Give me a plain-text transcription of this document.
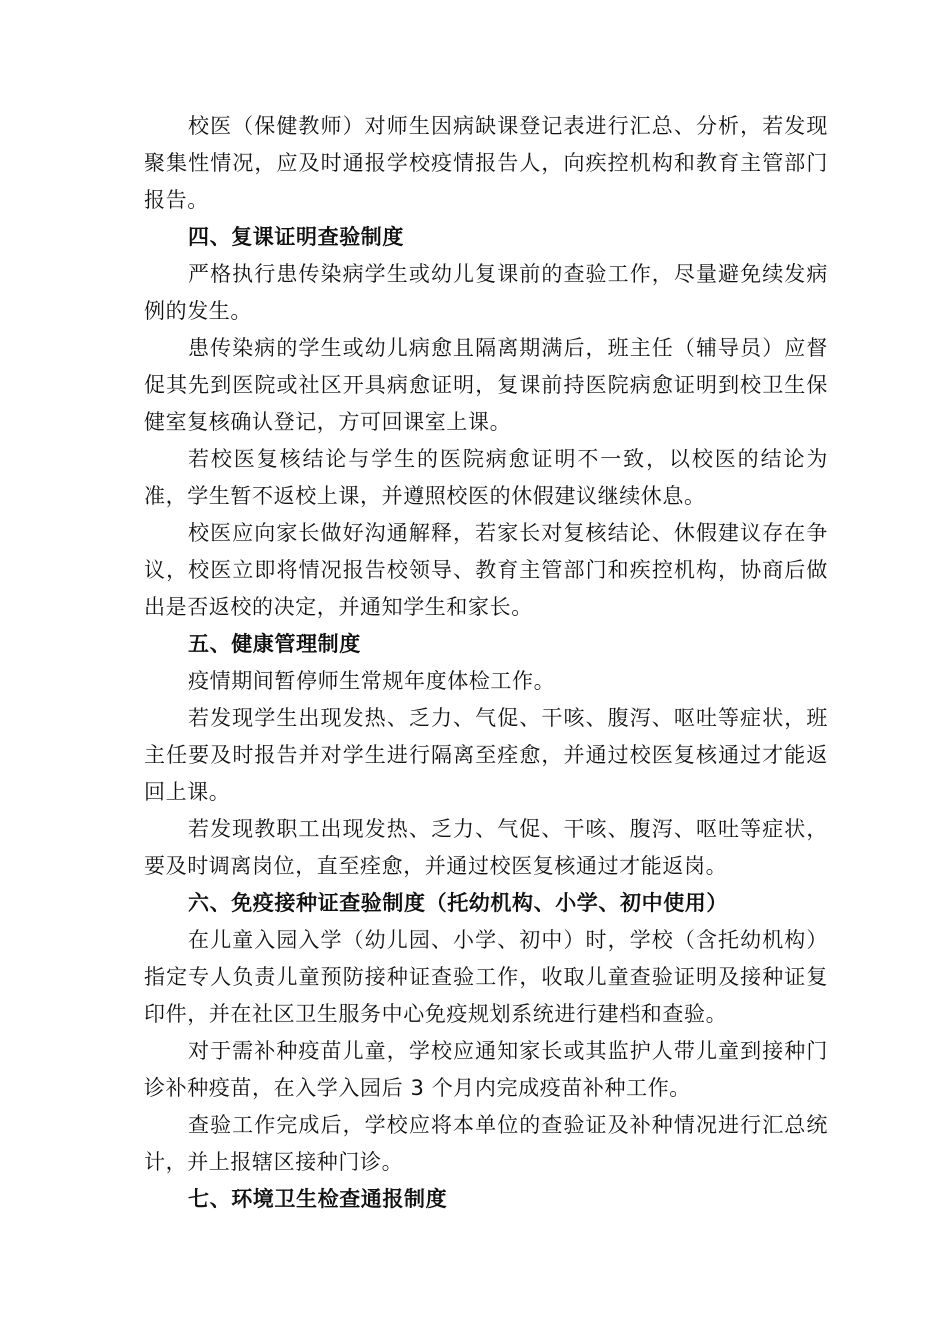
校医（保健教师）对师生因病缺课登记表进行汇总、分析，若发现聚集性情况，应及时通报学校疫情报告人，向疾控机构和教育主管部门报告。

四、复课证明查验制度

严格执行患传染病学生或幼儿复课前的查验工作，尽量避免续发病例的发生。

患传染病的学生或幼儿病愈且隔离期满后，班主任（辅导员）应督促其先到医院或社区开具病愈证明，复课前持医院病愈证明到校卫生保健室复核确认登记，方可回课室上课。

若校医复核结论与学生的医院病愈证明不一致，以校医的结论为准，学生暂不返校上课，并遵照校医的休假建议继续休息。

校医应向家长做好沟通解释，若家长对复核结论、休假建议存在争议，校医立即将情况报告校领导、教育主管部门和疾控机构，协商后做出是否返校的决定，并通知学生和家长。

五、健康管理制度

疫情期间暂停师生常规年度体检工作。

若发现学生出现发热、乏力、气促、干咳、腹泻、呕吐等症状，班主任要及时报告并对学生进行隔离至痊愈，并通过校医复核通过才能返回上课。

若发现教职工出现发热、乏力、气促、干咳、腹泻、呕吐等症状，要及时调离岗位，直至痊愈，并通过校医复核通过才能返岗。

六、免疫接种证查验制度（托幼机构、小学、初中使用）

在儿童入园入学（幼儿园、小学、初中）时，学校（含托幼机构）指定专人负责儿童预防接种证查验工作，收取儿童查验证明及接种证复印件，并在社区卫生服务中心免疫规划系统进行建档和查验。

对于需补种疫苗儿童，学校应通知家长或其监护人带儿童到接种门诊补种疫苗，在入学入园后 3 个月内完成疫苗补种工作。

查验工作完成后，学校应将本单位的查验证及补种情况进行汇总统计，并上报辖区接种门诊。

七、环境卫生检查通报制度
